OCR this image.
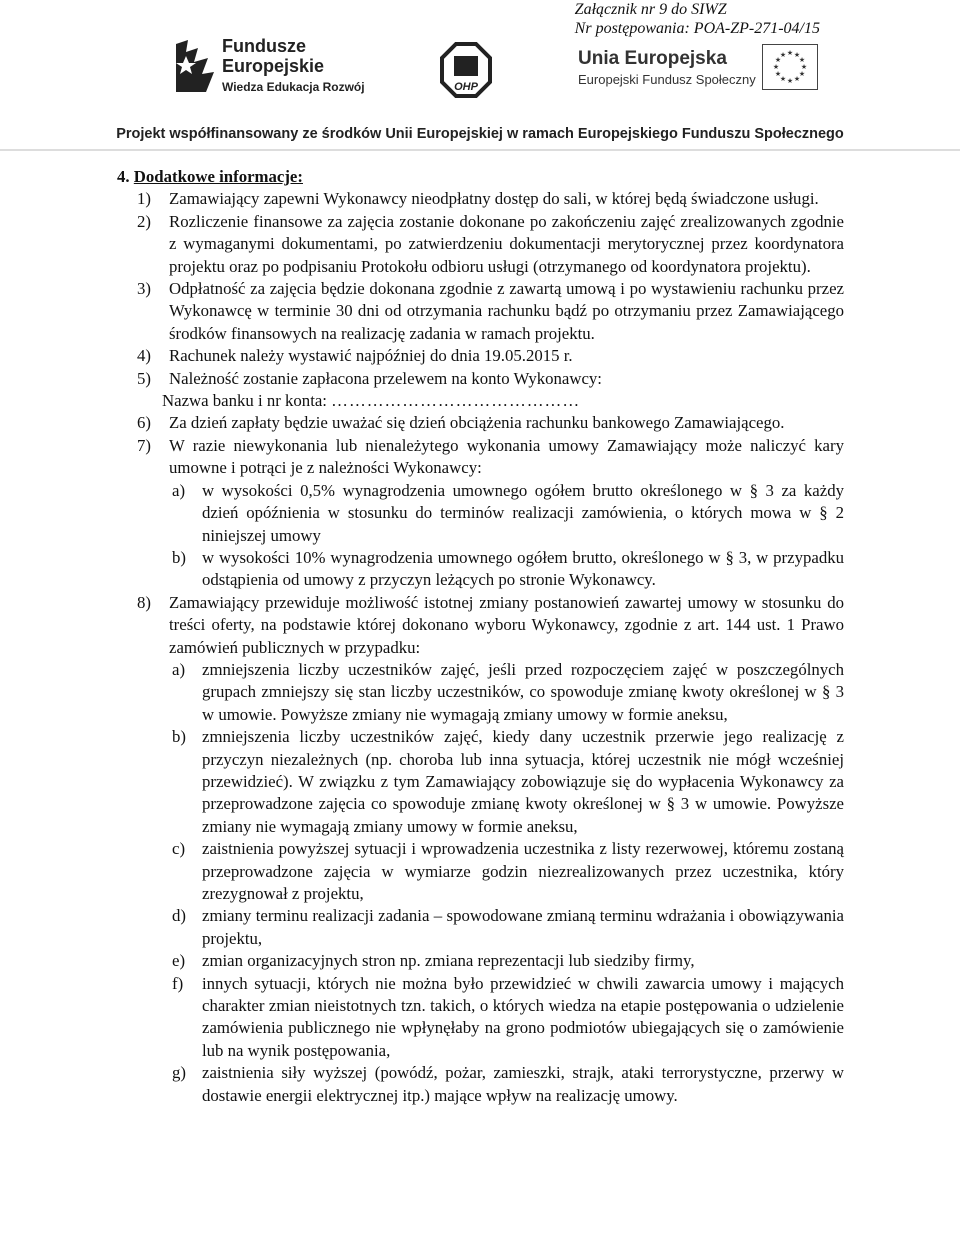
Załącznik nr 9 do SIWZ
Nr postępowania: POA-ZP-271-04/15
Fundusze
Europejskie
Wiedza Edukacja Rozwój	OHP
Unia Europejska
Europejski Fundusz Społeczny
★ ★
★
★
★
★
★
★
★
★
★
★
Projekt współfinansowany ze środków Unii Europejskiej w ramach Europejskiego Funduszu Społecznego
4. Dodatkowe informacje:
1)	Zamawiający zapewni Wykonawcy nieodpłatny dostęp do sali, w której będą świadczone usługi.
2)	Rozliczenie finansowe za zajęcia zostanie dokonane po zakończeniu zajęć zrealizowanych zgodnie z wymaganymi dokumentami, po zatwierdzeniu dokumentacji merytorycznej przez koordynatora projektu oraz po podpisaniu Protokołu odbioru usługi (otrzymanego od koordynatora projektu).
3)	Odpłatność za zajęcia będzie dokonana zgodnie z zawartą umową i po wystawieniu rachunku przez Wykonawcę w terminie 30 dni od otrzymania rachunku bądź po otrzymaniu przez Zamawiającego środków finansowych na realizację zadania w ramach projektu.
4)	Rachunek należy wystawić najpóźniej do dnia 19.05.2015 r.
5)	Należność zostanie zapłacona przelewem na konto Wykonawcy:
Nazwa banku i nr konta: ……………………………………
6)	Za dzień zapłaty będzie uważać się dzień obciążenia rachunku bankowego Zamawiającego.
7)	W razie niewykonania lub nienależytego wykonania umowy Zamawiający może naliczyć kary umowne i potrąci je z należności Wykonawcy:
a)	w wysokości 0,5% wynagrodzenia umownego ogółem brutto określonego w § 3 za każdy dzień opóźnienia w stosunku do terminów realizacji zamówienia, o których mowa w § 2 niniejszej umowy
b) w wysokości 10% wynagrodzenia umownego ogółem brutto, określonego w § 3, w przypadku odstąpienia od umowy z przyczyn leżących po stronie Wykonawcy.
8)	Zamawiający przewiduje możliwość istotnej zmiany postanowień zawartej umowy w stosunku do treści oferty, na podstawie której dokonano wyboru Wykonawcy, zgodnie z art. 144 ust. 1 Prawo zamówień publicznych w przypadku:
a)	zmniejszenia liczby uczestników zajęć, jeśli przed rozpoczęciem zajęć w poszczególnych grupach zmniejszy się stan liczby uczestników, co spowoduje zmianę kwoty określonej w § 3 w umowie. Powyższe zmiany nie wymagają zmiany umowy w formie aneksu,
b) zmniejszenia liczby uczestników zajęć, kiedy dany uczestnik przerwie jego realizację z przyczyn niezależnych (np. choroba lub inna sytuacja, której uczestnik nie mógł wcześniej przewidzieć). W związku z tym Zamawiający zobowiązuje się do wypłacenia Wykonawcy za przeprowadzone zajęcia co spowoduje zmianę kwoty określonej w § 3 w umowie. Powyższe zmiany nie wymagają zmiany umowy w formie aneksu,
c)	zaistnienia powyższej sytuacji i wprowadzenia uczestnika z listy rezerwowej, któremu zostaną przeprowadzone zajęcia w wymiarze godzin niezrealizowanych przez uczestnika, który zrezygnował z projektu,
d) zmiany terminu realizacji zadania – spowodowane zmianą terminu wdrażania i obowiązywania projektu,
e)	zmian organizacyjnych stron np. zmiana reprezentacji lub siedziby firmy,
f)	innych sytuacji, których nie można było przewidzieć w chwili zawarcia umowy i mających charakter zmian nieistotnych tzn. takich, o których wiedza na etapie postępowania o udzielenie zamówienia publicznego nie wpłynęłaby na grono podmiotów ubiegających się o zamówienie lub na wynik postępowania,
g) zaistnienia siły wyższej (powódź, pożar, zamieszki, strajk, ataki terrorystyczne, przerwy w dostawie energii elektrycznej itp.) mające wpływ na realizację umowy.
